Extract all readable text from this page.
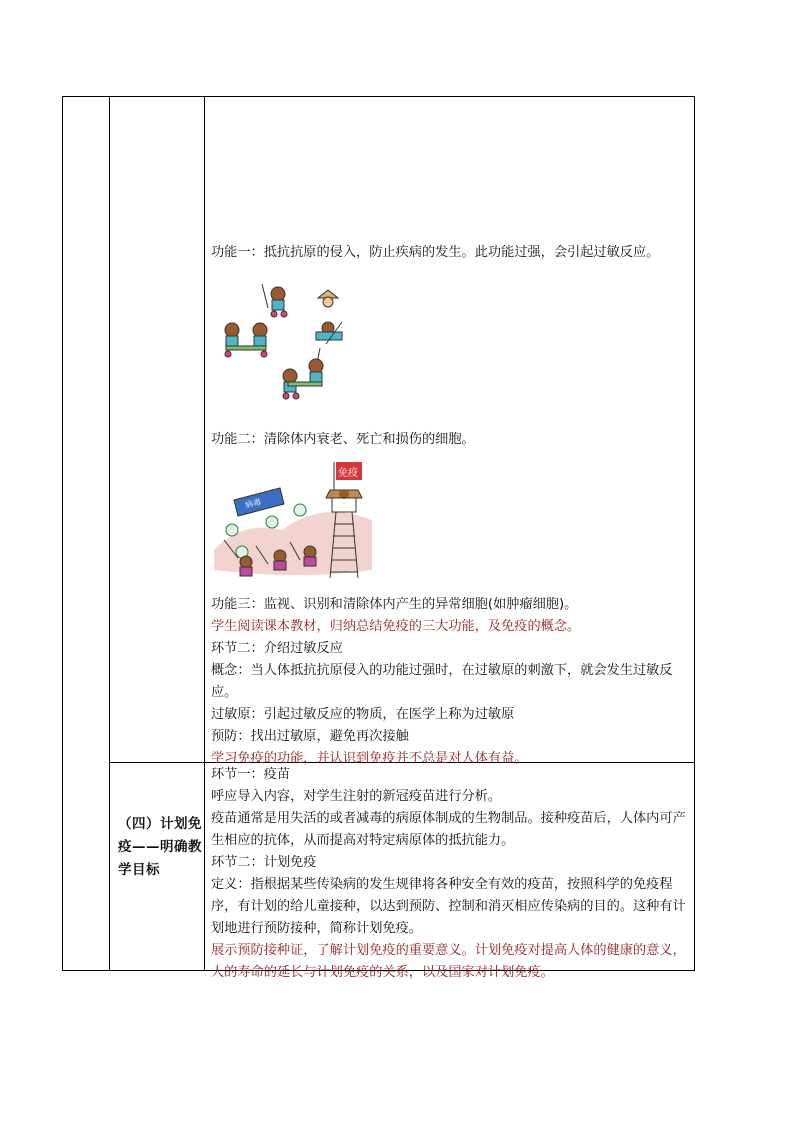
功能一：抵抗抗原的侵入，防止疾病的发生。此功能过强，会引起过敏反应。
功能二：清除体内衰老、死亡和损伤的细胞。
免疫
病毒
功能三：监视、识别和清除体内产生的异常细胞(如肿瘤细胞)。
学生阅读课本教材，归纳总结免疫的三大功能，及免疫的概念。
环节二：介绍过敏反应
概念：当人体抵抗抗原侵入的功能过强时，在过敏原的刺激下，就会发生过敏反应。
过敏原：引起过敏反应的物质，在医学上称为过敏原
预防：找出过敏原，避免再次接触
学习免疫的功能，并认识到免疫并不总是对人体有益。
（四）计划免疫——明确教学目标
环节一：疫苗
呼应导入内容，对学生注射的新冠疫苗进行分析。
疫苗通常是用失活的或者减毒的病原体制成的生物制品。接种疫苗后，人体内可产生相应的抗体，从而提高对特定病原体的抵抗能力。
环节二：计划免疫
定义：指根据某些传染病的发生规律将各种安全有效的疫苗，按照科学的免疫程序，有计划的给儿童接种，以达到预防、控制和消灭相应传染病的目的。这种有计划地进行预防接种，简称计划免疫。
展示预防接种证，了解计划免疫的重要意义。计划免疫对提高人体的健康的意义，人的寿命的延长与计划免疫的关系，以及国家对计划免疫。
